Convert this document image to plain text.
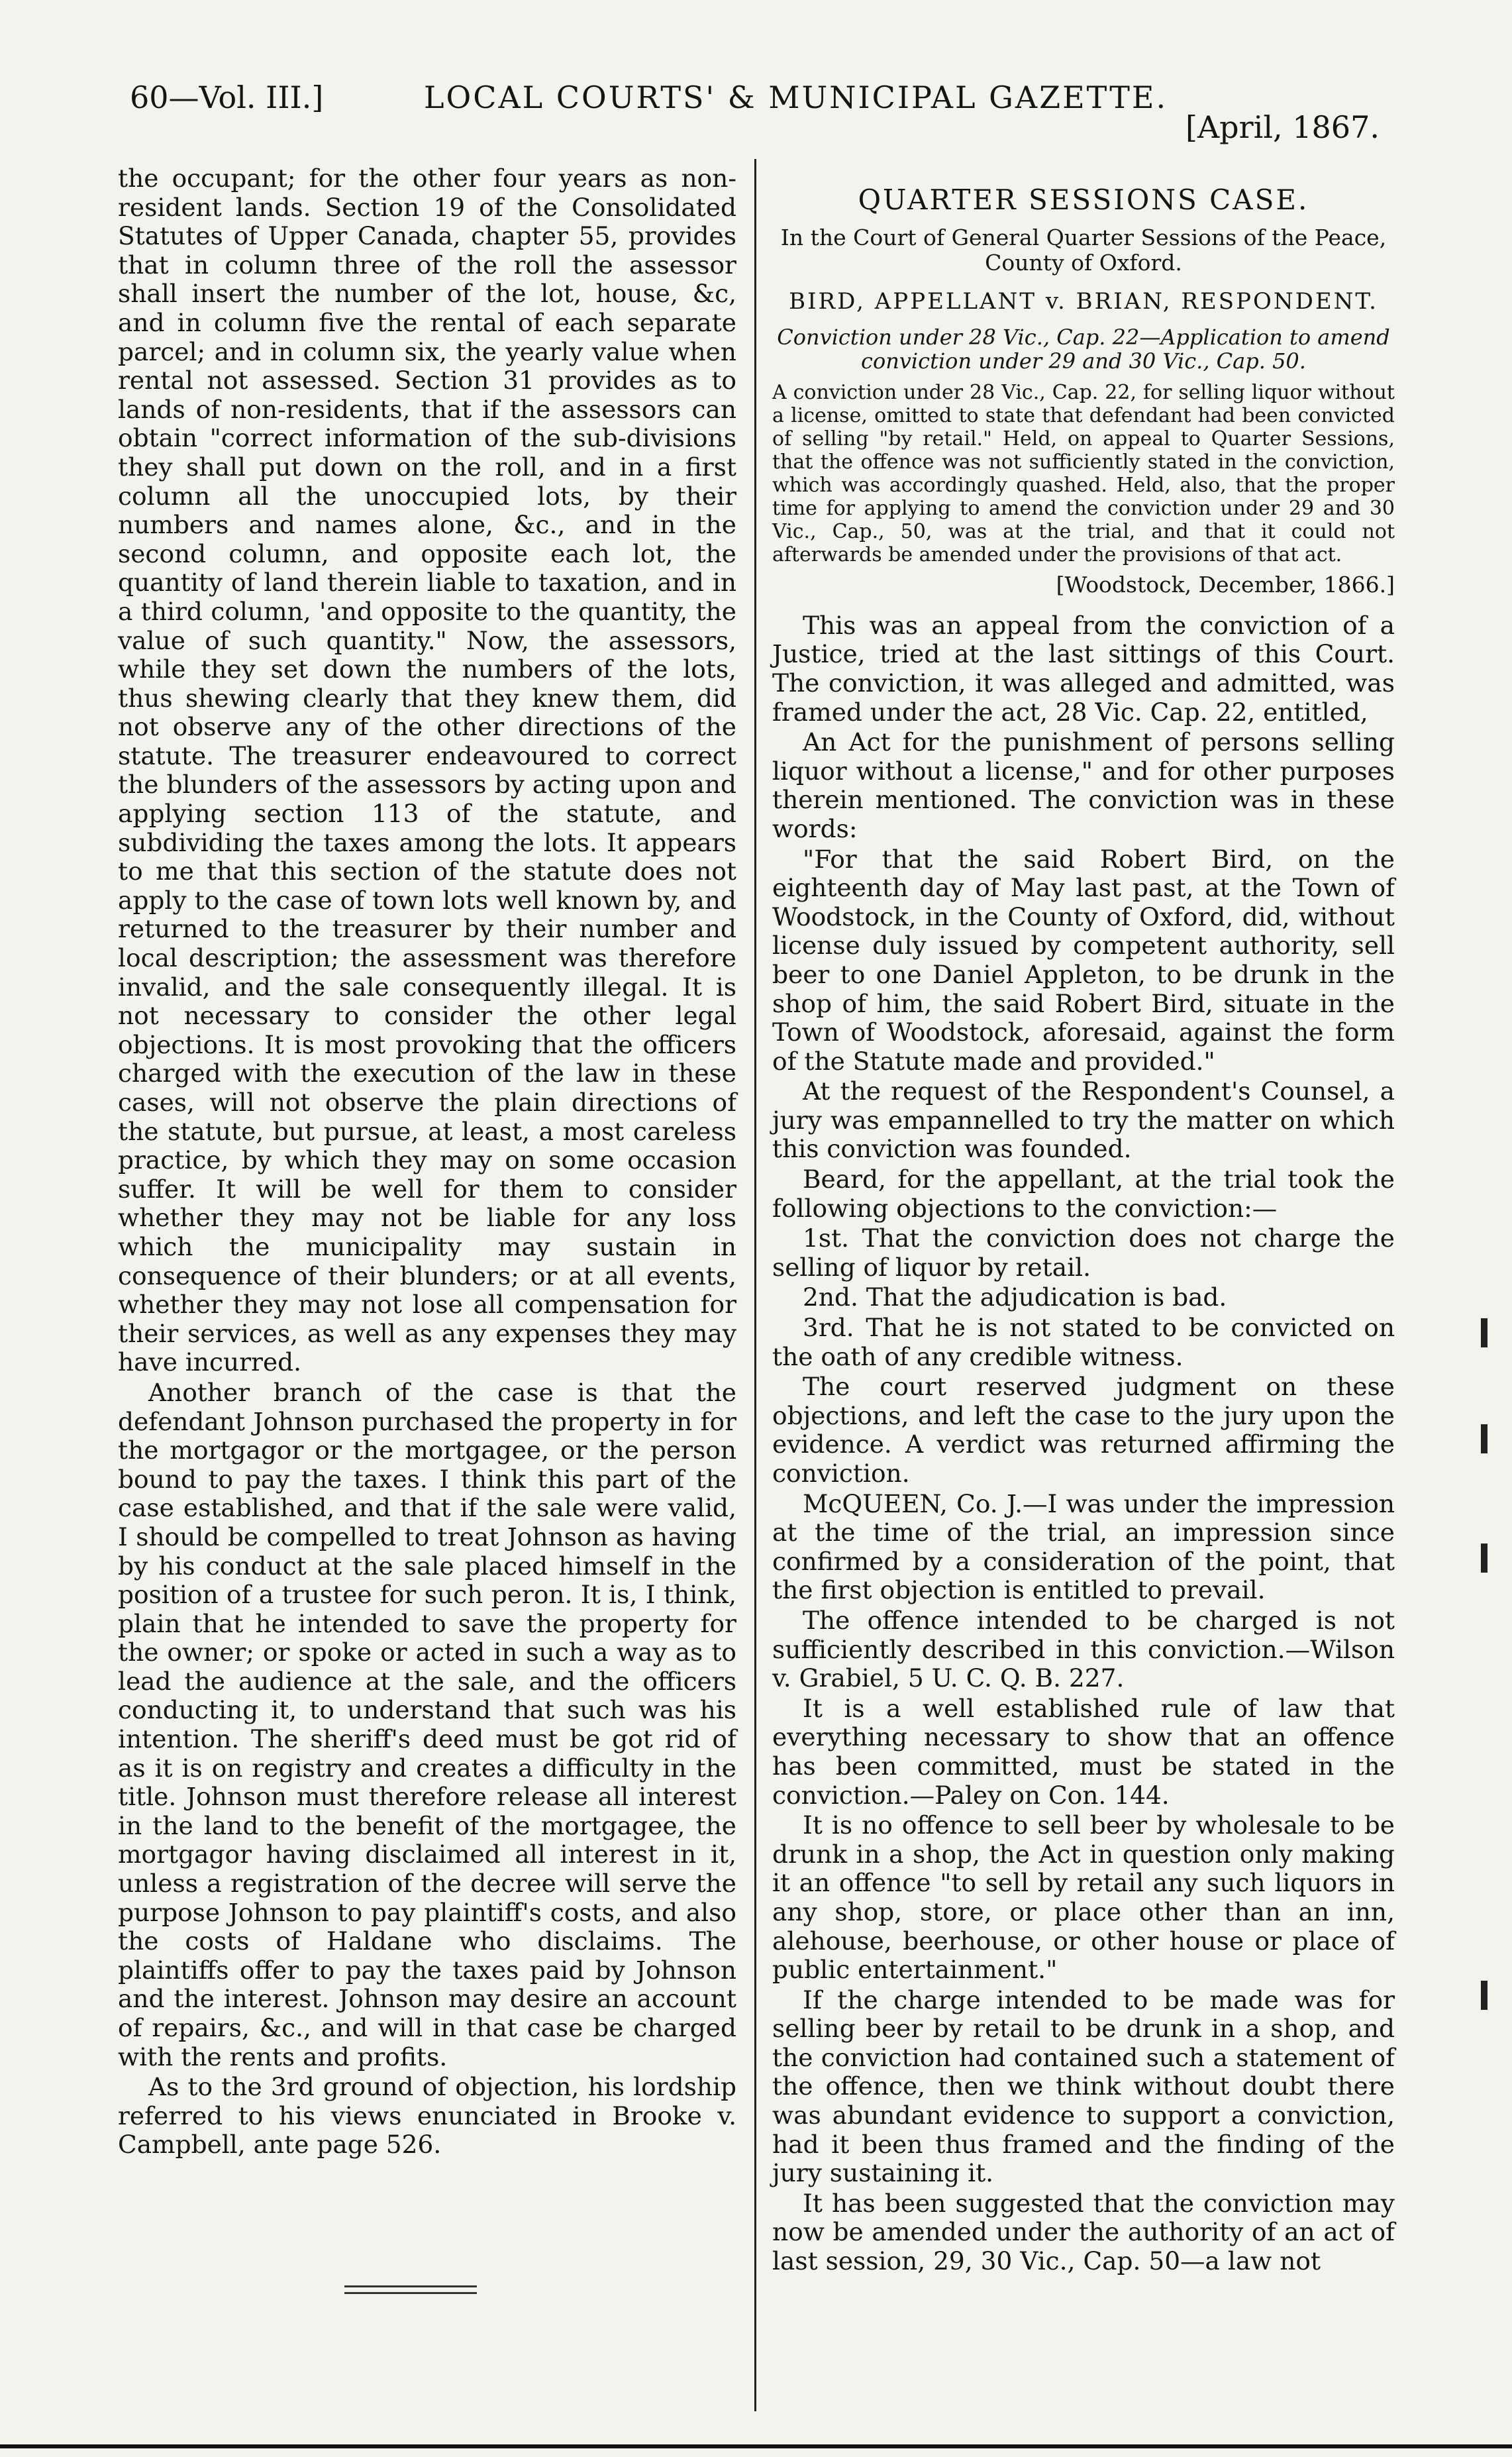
60—Vol. III.]	LOCAL COURTS' & MUNICIPAL GAZETTE.
[April, 1867.

the occupant; for the other four years as non-resident lands. Section 19 of the Consolidated Statutes of Upper Canada, chapter 55, provides that in column three of the roll the assessor shall insert the number of the lot, house, &c, and in column five the rental of each separate parcel; and in column six, the yearly value when rental not assessed. Section 31 provides as to lands of non-residents, that if the assessors can obtain "correct information of the sub-divisions they shall put down on the roll, and in a first column all the unoccupied lots, by their numbers and names alone, &c., and in the second column, and opposite each lot, the quantity of land therein liable to taxation, and in a third column, 'and opposite to the quantity, the value of such quantity." Now, the assessors, while they set down the numbers of the lots, thus shewing clearly that they knew them, did not observe any of the other directions of the statute. The treasurer endeavoured to correct the blunders of the assessors by acting upon and applying section 113 of the statute, and subdividing the taxes among the lots. It appears to me that this section of the statute does not apply to the case of town lots well known by, and returned to the treasurer by their number and local description; the assessment was therefore invalid, and the sale consequently illegal. It is not necessary to consider the other legal objections. It is most provoking that the officers charged with the execution of the law in these cases, will not observe the plain directions of the statute, but pursue, at least, a most careless practice, by which they may on some occasion suffer. It will be well for them to consider whether they may not be liable for any loss which the municipality may sustain in consequence of their blunders; or at all events, whether they may not lose all compensation for their services, as well as any expenses they may have incurred.

Another branch of the case is that the defendant Johnson purchased the property in for the mortgagor or the mortgagee, or the person bound to pay the taxes. I think this part of the case established, and that if the sale were valid, I should be compelled to treat Johnson as having by his conduct at the sale placed himself in the position of a trustee for such peron. It is, I think, plain that he intended to save the property for the owner; or spoke or acted in such a way as to lead the audience at the sale, and the officers conducting it, to understand that such was his intention. The sheriff's deed must be got rid of as it is on registry and creates a difficulty in the title. Johnson must therefore release all interest in the land to the benefit of the mortgagee, the mortgagor having disclaimed all interest in it, unless a registration of the decree will serve the purpose Johnson to pay plaintiff's costs, and also the costs of Haldane who disclaims. The plaintiffs offer to pay the taxes paid by Johnson and the interest. Johnson may desire an account of repairs, &c., and will in that case be charged with the rents and profits.

As to the 3rd ground of objection, his lordship referred to his views enunciated in Brooke v. Campbell, ante page 526.

QUARTER SESSIONS CASE.
In the Court of General Quarter Sessions of the Peace, County of Oxford.
BIRD, APPELLANT v. BRIAN, RESPONDENT.
Conviction under 28 Vic., Cap. 22—Application to amend conviction under 29 and 30 Vic., Cap. 50.
A conviction under 28 Vic., Cap. 22, for selling liquor without a license, omitted to state that defendant had been convicted of selling "by retail." Held, on appeal to Quarter Sessions, that the offence was not sufficiently stated in the conviction, which was accordingly quashed. Held, also, that the proper time for applying to amend the conviction under 29 and 30 Vic., Cap., 50, was at the trial, and that it could not afterwards be amended under the provisions of that act.
[Woodstock, December, 1866.]

This was an appeal from the conviction of a Justice, tried at the last sittings of this Court. The conviction, it was alleged and admitted, was framed under the act, 28 Vic. Cap. 22, entitled,

An Act for the punishment of persons selling liquor without a license," and for other purposes therein mentioned. The conviction was in these words:

"For that the said Robert Bird, on the eighteenth day of May last past, at the Town of Woodstock, in the County of Oxford, did, without license duly issued by competent authority, sell beer to one Daniel Appleton, to be drunk in the shop of him, the said Robert Bird, situate in the Town of Woodstock, aforesaid, against the form of the Statute made and provided."

At the request of the Respondent's Counsel, a jury was empannelled to try the matter on which this conviction was founded.

Beard, for the appellant, at the trial took the following objections to the conviction:—

1st. That the conviction does not charge the selling of liquor by retail.

2nd. That the adjudication is bad.

3rd. That he is not stated to be convicted on the oath of any credible witness.

The court reserved judgment on these objections, and left the case to the jury upon the evidence. A verdict was returned affirming the conviction.

McQUEEN, Co. J.—I was under the impression at the time of the trial, an impression since confirmed by a consideration of the point, that the first objection is entitled to prevail.

The offence intended to be charged is not sufficiently described in this conviction.—Wilson v. Grabiel, 5 U. C. Q. B. 227.

It is a well established rule of law that everything necessary to show that an offence has been committed, must be stated in the conviction.—Paley on Con. 144.

It is no offence to sell beer by wholesale to be drunk in a shop, the Act in question only making it an offence "to sell by retail any such liquors in any shop, store, or place other than an inn, alehouse, beerhouse, or other house or place of public entertainment."

If the charge intended to be made was for selling beer by retail to be drunk in a shop, and the conviction had contained such a statement of the offence, then we think without doubt there was abundant evidence to support a conviction, had it been thus framed and the finding of the jury sustaining it.

It has been suggested that the conviction may now be amended under the authority of an act of last session, 29, 30 Vic., Cap. 50—a law not
